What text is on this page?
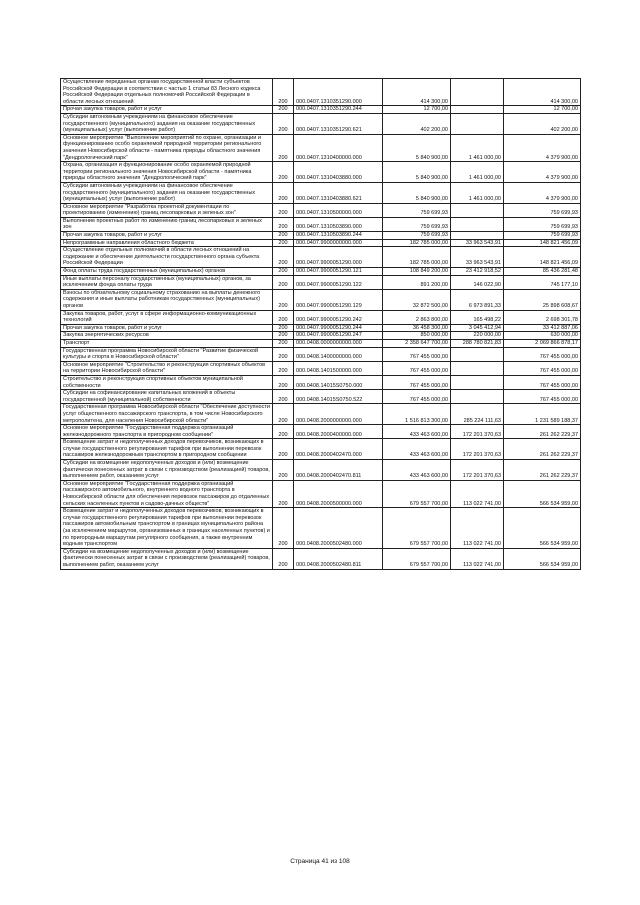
Осуществление переданных органам государственной власти субъектов Российской Федерации в соответствии с частью 1 статьи 83 Лесного кодекса Российской Федерации отдельных полномочий Российской Федерации в области лесных отношений	200	000.0407.1310351290.000	414 300,00		414 300,00
Прочая закупка товаров, работ и услуг	200	000.0407.1310351290.244	12 700,00		12 700,00
Субсидии автономным учреждениям на финансовое обеспечение государственного (муниципального) задания на оказание государственных (муниципальных) услуг (выполнение работ)	200	000.0407.1310351290.621	402 200,00		402 200,00
Основное мероприятие "Выполнение мероприятий по охране, организации и функционированию особо охраняемой природной территории регионального значения Новосибирской области - памятника природы областного значения "Дендрологический парк"	200	000.0407.1310400000.000	5 840 900,00	1 461 000,00	4 379 900,00
Охрана, организация и функционирование особо охраняемой природной территории регионального значения Новосибирской области - памятника природы областного значения "Дендрологический парк"	200	000.0407.1310403880.000	5 840 900,00	1 461 000,00	4 379 900,00
Субсидии автономным учреждениям на финансовое обеспечение государственного (муниципального) задания на оказание государственных (муниципальных) услуг (выполнение работ)	200	000.0407.1310403880.621	5 840 900,00	1 461 000,00	4 379 900,00
Основное мероприятие "Разработка проектной документации по проектированию (изменению) границ лесопарковых и зеленых зон"	200	000.0407.1310500000.000	759 699,93		759 699,93
Выполнение проектных работ по изменению границ лесопарковых и зеленых зон	200	000.0407.1310503890.000	759 699,93		759 699,93
Прочая закупка товаров, работ и услуг	200	000.0407.1310503890.244	759 699,93		759 699,93
Непрограммные направления областного бюджета	200	000.0407.9900000000.000	182 785 000,00	33 963 543,91	148 821 456,09
Осуществление отдельных полномочий в области лесных отношений на содержание и обеспечение деятельности государственного органа субъекта Российской Федерации	200	000.0407.9900051290.000	182 785 000,00	33 963 543,91	148 821 456,09
Фонд оплаты труда государственных (муниципальных) органов	200	000.0407.9900051290.121	108 849 200,00	23 412 918,52	85 436 281,48
Иные выплаты персоналу государственных (муниципальных) органов, за исключением фонда оплаты труда	200	000.0407.9900051290.122	891 200,00	146 022,90	745 177,10
Взносы по обязательному социальному страхованию на выплаты денежного содержания и иные выплаты работникам государственных (муниципальных) органов	200	000.0407.9900051290.129	32 872 500,00	6 973 891,33	25 898 608,67
Закупка товаров, работ, услуг в сфере информационно-коммуникационных технологий	200	000.0407.9900051290.242	2 863 800,00	165 498,22	2 698 301,78
Прочая закупка товаров, работ и услуг	200	000.0407.9900051290.244	36 458 300,00	3 045 412,94	33 412 887,06
Закупка энергетических ресурсов	200	000.0407.9900051290.247	850 000,00	220 000,00	630 000,00
Транспорт	200	000.0408.0000000000.000	2 358 647 700,00	288 780 821,83	2 069 866 878,17
Государственная программа Новосибирской области "Развитие физической культуры и спорта в Новосибирской области"	200	000.0408.1400000000.000	767 455 000,00		767 455 000,00
Основное мероприятие "Строительство и реконструкция спортивных объектов на территории Новосибирской области"	200	000.0408.1401500000.000	767 455 000,00		767 455 000,00
Строительство и реконструкция спортивных объектов муниципальной собственности	200	000.0408.14015S0750.000	767 455 000,00		767 455 000,00
Субсидии на софинансирование капитальных вложений в объекты государственной (муниципальной) собственности	200	000.0408.14015S0750.522	767 455 000,00		767 455 000,00
Государственная программа Новосибирской области "Обеспечение доступности услуг общественного пассажирского транспорта, в том числе Новосибирского метрополитена, для населения Новосибирской области"	200	000.0408.2000000000.000	1 516 813 300,00	285 224 111,63	1 231 589 188,37
Основное мероприятие "Государственная поддержка организаций железнодорожного транспорта в пригородном сообщении"	200	000.0408.2000400000.000	433 463 600,00	172 201 370,63	261 262 229,37
Возмещение затрат и недополученных доходов перевозчиков, возникающих в случае государственного регулирования тарифов при выполнении перевозок пассажиров железнодорожным транспортом в пригородном сообщении	200	000.0408.2000402470.000	433 463 600,00	172 201 370,63	261 262 229,37
Субсидии на возмещение недополученных доходов и (или) возмещение фактически понесенных затрат в связи с производством (реализацией) товаров, выполнением работ, оказанием услуг	200	000.0408.2000402470.811	433 463 600,00	172 201 370,63	261 262 229,37
Основное мероприятие "Государственная поддержка организаций пассажирского автомобильного, внутреннего водного транспорта в Новосибирской области для обеспечения перевозок пассажиров до отдаленных сельских населенных пунктов и садово-дачных обществ"	200	000.0408.2000500000.000	679 557 700,00	113 022 741,00	566 534 959,00
Возмещение затрат и недополученных доходов перевозчиков, возникающих в случае государственного регулирования тарифов при выполнении перевозок пассажиров автомобильным транспортом в границах муниципального района (за исключением маршрутов, организованных в границах населенных пунктов) и по пригородным маршрутам регулярного сообщения, а также внутренним водным транспортом	200	000.0408.2000502480.000	679 557 700,00	113 022 741,00	566 534 959,00
Субсидии на возмещение недополученных доходов и (или) возмещение фактически понесенных затрат в связи с производством (реализацией) товаров, выполнением работ, оказанием услуг	200	000.0408.2000502480.811	679 557 700,00	113 022 741,00	566 534 959,00
Страница 41 из 108
